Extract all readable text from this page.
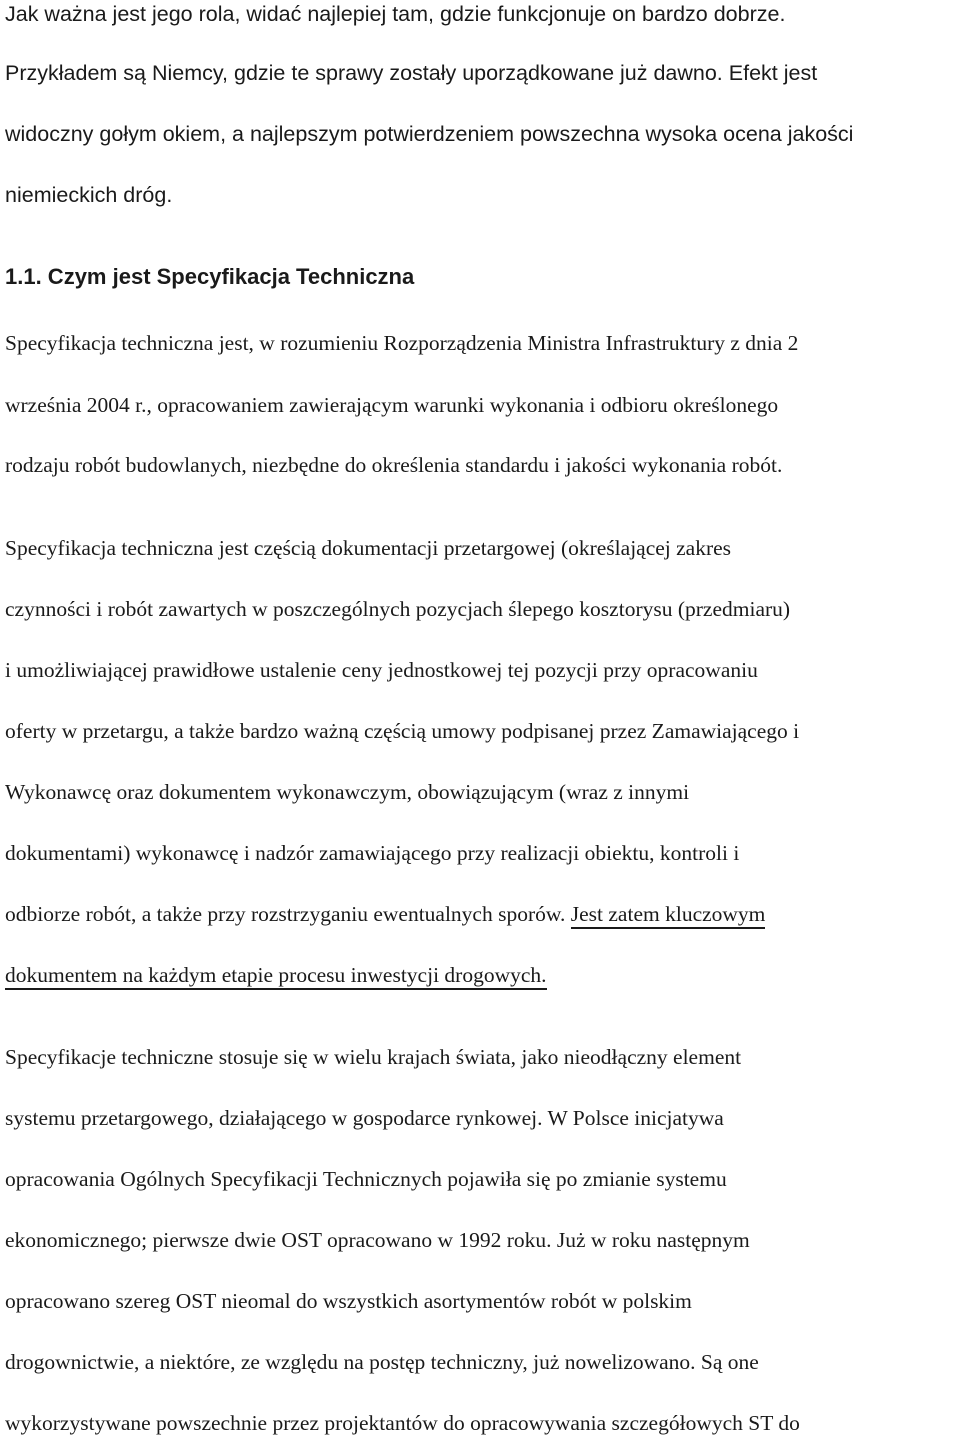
Jak ważna jest jego rola, widać najlepiej tam, gdzie funkcjonuje on bardzo dobrze.
Przykładem są Niemcy, gdzie te sprawy zostały uporządkowane już dawno. Efekt jest
widoczny gołym okiem, a najlepszym potwierdzeniem powszechna wysoka ocena jakości
niemieckich dróg.
1.1. Czym jest Specyfikacja Techniczna
Specyfikacja techniczna jest, w rozumieniu Rozporządzenia Ministra Infrastruktury z dnia 2
września 2004 r., opracowaniem zawierającym warunki wykonania i odbioru określonego
rodzaju robót budowlanych, niezbędne do określenia standardu i jakości wykonania robót.
Specyfikacja techniczna jest częścią dokumentacji przetargowej (określającej zakres
czynności i robót zawartych w poszczególnych pozycjach ślepego kosztorysu (przedmiaru)
i umożliwiającej prawidłowe ustalenie ceny jednostkowej tej pozycji przy opracowaniu
oferty w przetargu, a także bardzo ważną częścią umowy podpisanej przez Zamawiającego i
Wykonawcę oraz dokumentem wykonawczym, obowiązującym (wraz z innymi
dokumentami) wykonawcę i nadzór zamawiającego przy realizacji obiektu, kontroli i
odbiorze robót, a także przy rozstrzyganiu ewentualnych sporów. Jest zatem kluczowym
dokumentem na każdym etapie procesu inwestycji drogowych.
Specyfikacje techniczne stosuje się w wielu krajach świata, jako nieodłączny element
systemu przetargowego, działającego w gospodarce rynkowej. W Polsce inicjatywa
opracowania Ogólnych Specyfikacji Technicznych pojawiła się po zmianie systemu
ekonomicznego; pierwsze dwie OST opracowano w 1992 roku. Już w roku następnym
opracowano szereg OST nieomal do wszystkich asortymentów robót w polskim
drogownictwie, a niektóre, ze względu na postęp techniczny, już nowelizowano. Są one
wykorzystywane powszechnie przez projektantów do opracowywania szczegółowych ST do
